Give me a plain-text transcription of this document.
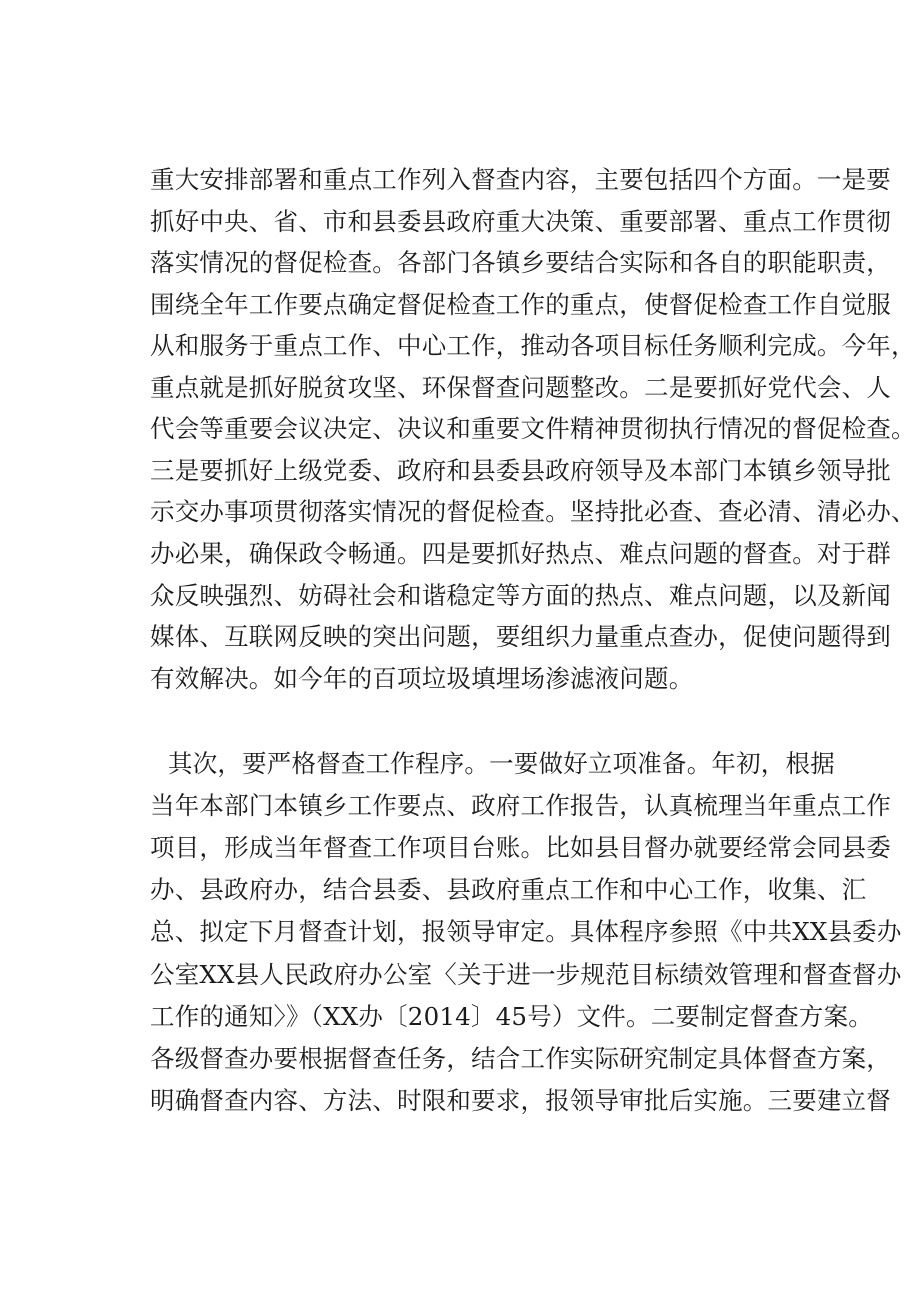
重大安排部署和重点工作列入督查内容，主要包括四个方面。一是要
抓好中央、省、市和县委县政府重大决策、重要部署、重点工作贯彻
落实情况的督促检查。各部门各镇乡要结合实际和各自的职能职责，
围绕全年工作要点确定督促检查工作的重点，使督促检查工作自觉服
从和服务于重点工作、中心工作，推动各项目标任务顺利完成。今年，
重点就是抓好脱贫攻坚、环保督查问题整改。二是要抓好党代会、人
代会等重要会议决定、决议和重要文件精神贯彻执行情况的督促检查。
三是要抓好上级党委、政府和县委县政府领导及本部门本镇乡领导批
示交办事项贯彻落实情况的督促检查。坚持批必查、查必清、清必办、
办必果，确保政令畅通。四是要抓好热点、难点问题的督查。对于群
众反映强烈、妨碍社会和谐稳定等方面的热点、难点问题，以及新闻
媒体、互联网反映的突出问题，要组织力量重点查办，促使问题得到
有效解决。如今年的百项垃圾填埋场渗滤液问题。
其次，要严格督查工作程序。一要做好立项准备。年初，根据
当年本部门本镇乡工作要点、政府工作报告，认真梳理当年重点工作
项目，形成当年督查工作项目台账。比如县目督办就要经常会同县委
办、县政府办，结合县委、县政府重点工作和中心工作，收集、汇
总、拟定下月督查计划，报领导审定。具体程序参照《中共XX县委办
公室XX县人民政府办公室〈关于进一步规范目标绩效管理和督查督办
工作的通知〉》（XX办〔2014〕45号）文件。二要制定督查方案。
各级督查办要根据督查任务，结合工作实际研究制定具体督查方案，
明确督查内容、方法、时限和要求，报领导审批后实施。三要建立督
